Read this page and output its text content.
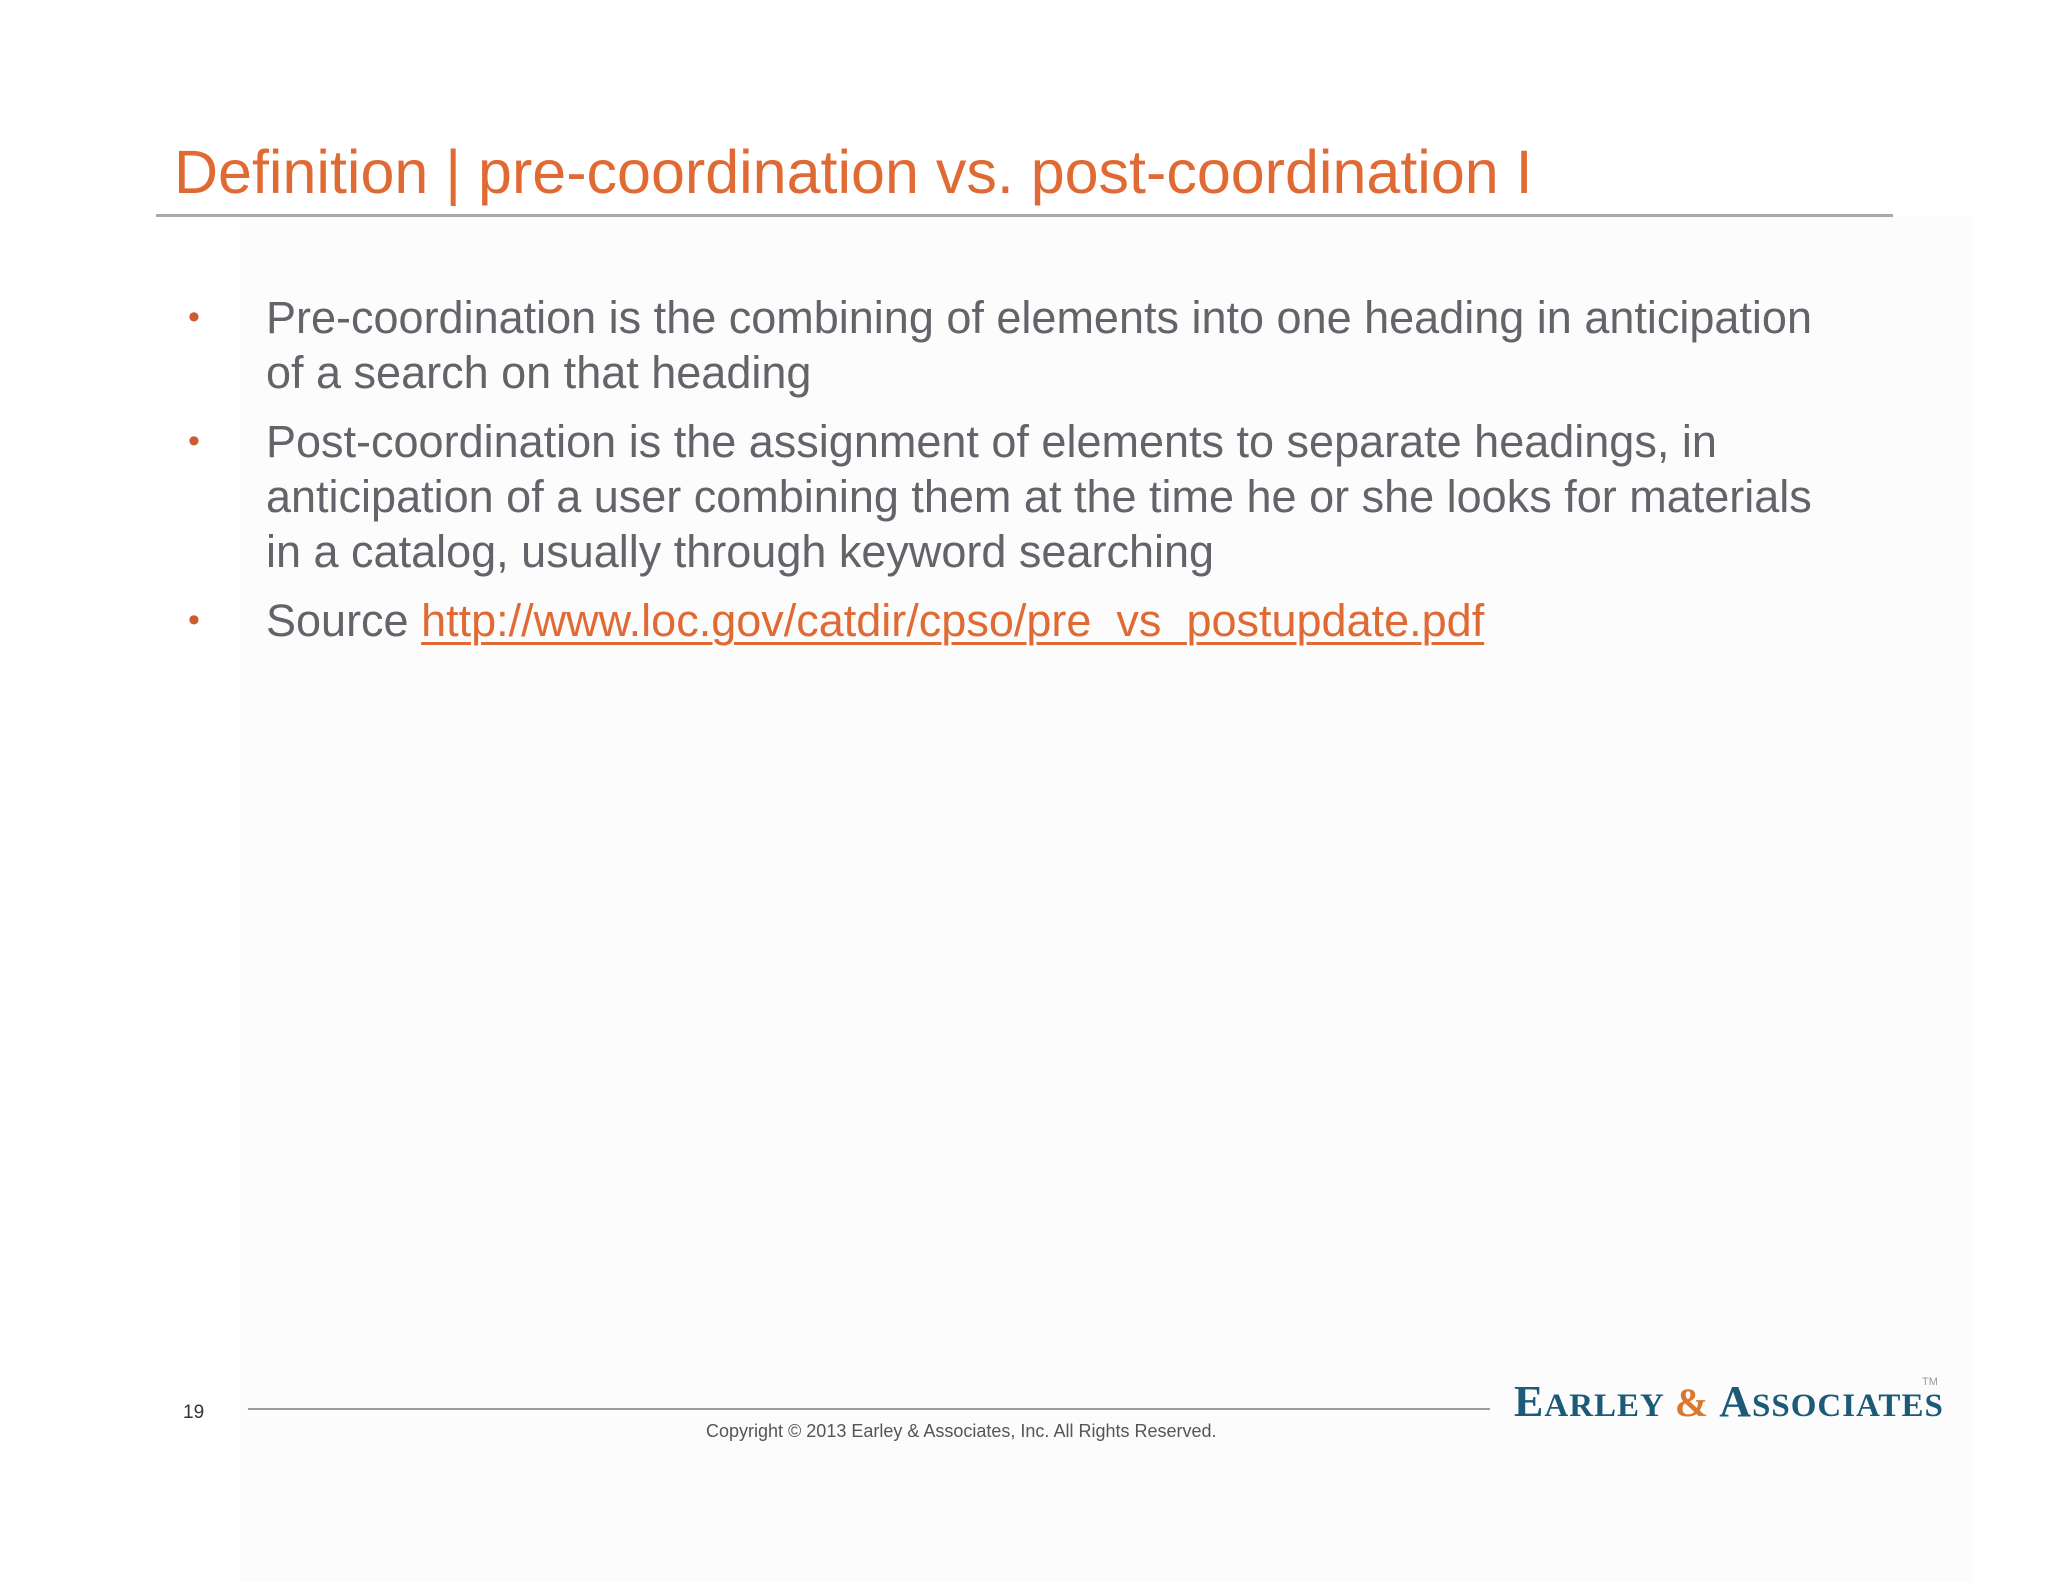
Definition | pre-coordination vs. post-coordination I
•	Pre-coordination is the combining of elements into one heading in anticipation of a search on that heading
•	Post-coordination is the assignment of elements to separate headings, in anticipation of a user combining them at the time he or she looks for materials in a catalog, usually through keyword searching
•	Source http://www.loc.gov/catdir/cpso/pre_vs_postupdate.pdf
19
Copyright © 2013 Earley & Associates, Inc. All Rights Reserved.
EARLEY & ASSOCIATES
TM
